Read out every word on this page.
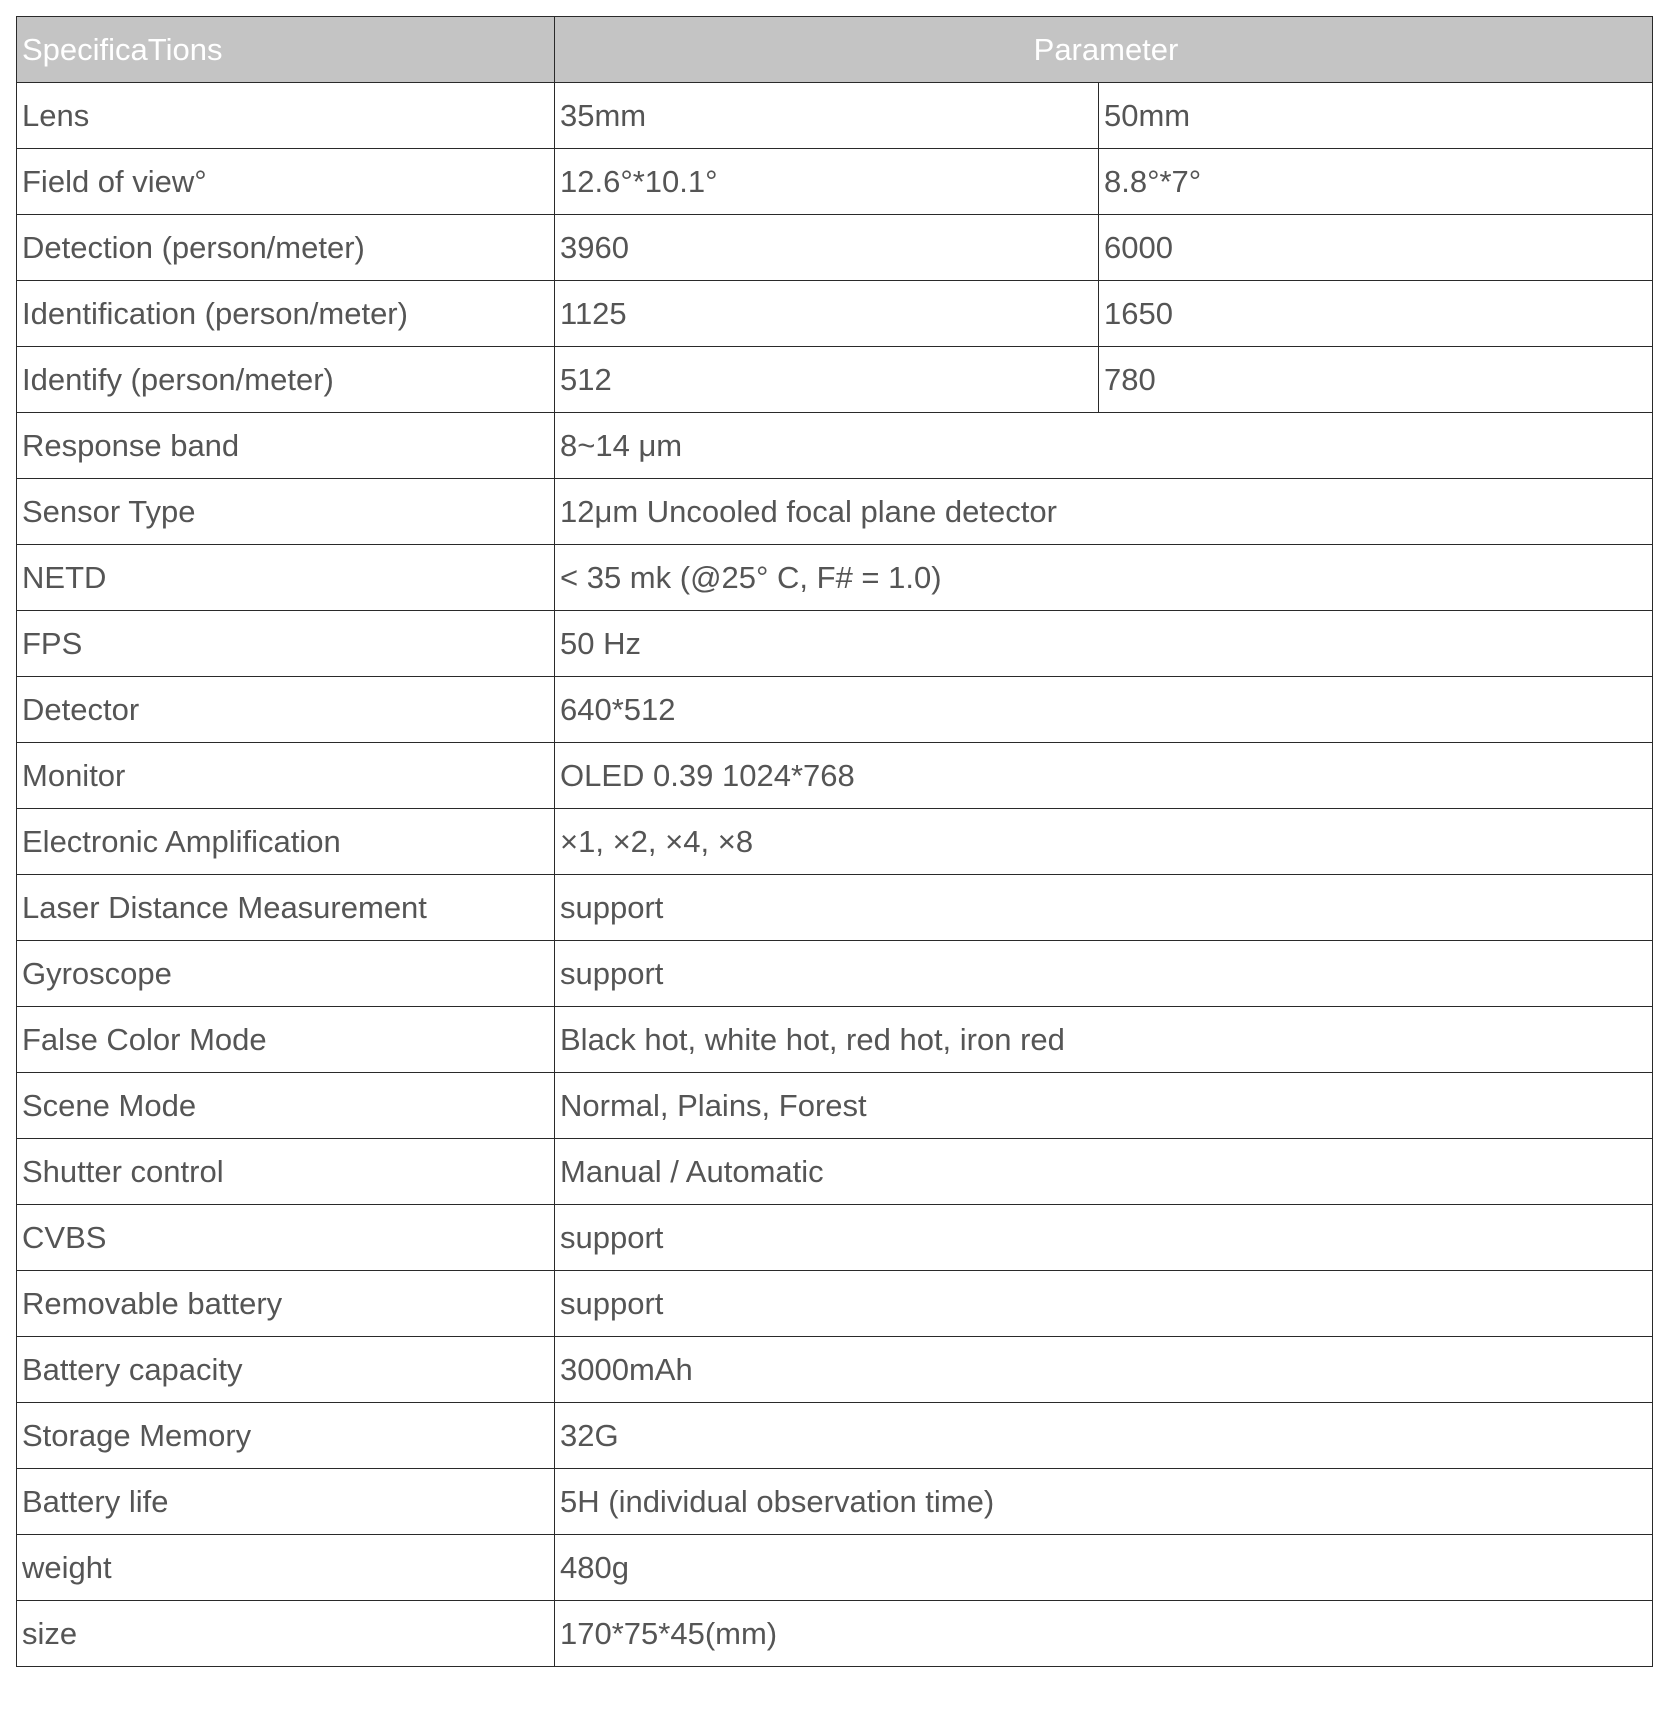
SpecificaTions	Parameter	
Lens	35mm	50mm
Field of view°	12.6°*10.1°	8.8°*7°
Detection (person/meter)	3960	6000
Identification (person/meter)	1125	1650
Identify (person/meter)	512	780
Response band	8~14 μm	
Sensor Type	12μm Uncooled focal plane detector	
NETD	< 35 mk (@25° C, F# = 1.0)	
FPS	50 Hz	
Detector	640*512	
Monitor	OLED 0.39 1024*768	
Electronic Amplification	×1, ×2, ×4, ×8	
Laser Distance Measurement	support	
Gyroscope	support	
False Color Mode	Black hot, white hot, red hot, iron red	
Scene Mode	Normal, Plains, Forest	
Shutter control	Manual / Automatic	
CVBS	support	
Removable battery	support	
Battery capacity	3000mAh	
Storage Memory	32G	
Battery life	5H (individual observation time)	
weight	480g	
size	170*75*45(mm)	
